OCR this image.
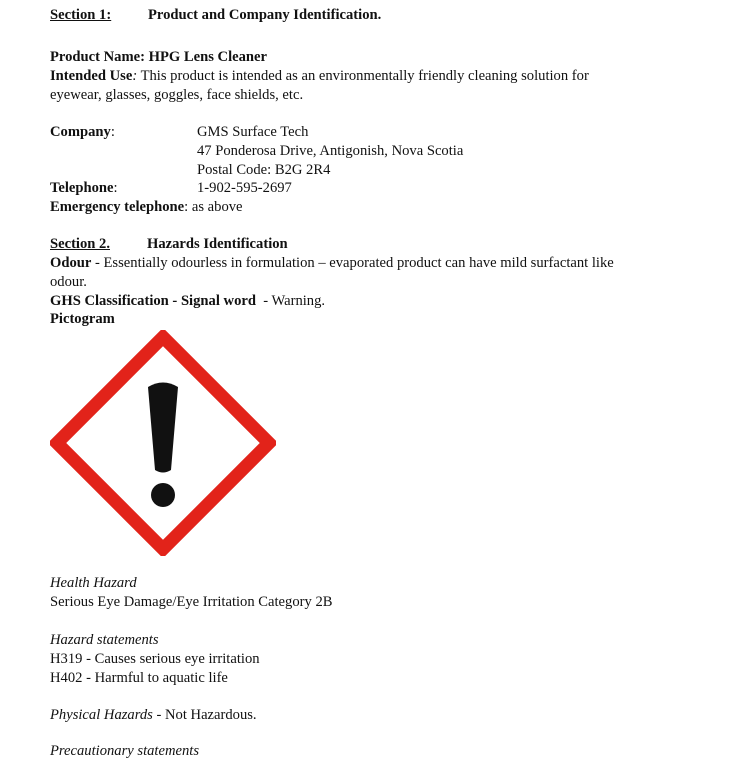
Section 1:	Product and Company Identification.
Product Name: HPG Lens Cleaner
Intended Use: This product is intended as an environmentally friendly cleaning solution for
eyewear, glasses, goggles, face shields, etc.
Company:	GMS Surface Tech
47 Ponderosa Drive, Antigonish, Nova Scotia
Postal Code: B2G 2R4
Telephone:	1-902-595-2697
Emergency telephone: as above
Section 2.	Hazards Identification
Odour - Essentially odourless in formulation – evaporated product can have mild surfactant like
odour.
GHS Classification - Signal word  - Warning.
Pictogram
Health Hazard
Serious Eye Damage/Eye Irritation Category 2B
Hazard statements
H319 - Causes serious eye irritation
H402 - Harmful to aquatic life
Physical Hazards - Not Hazardous.
Precautionary statements
